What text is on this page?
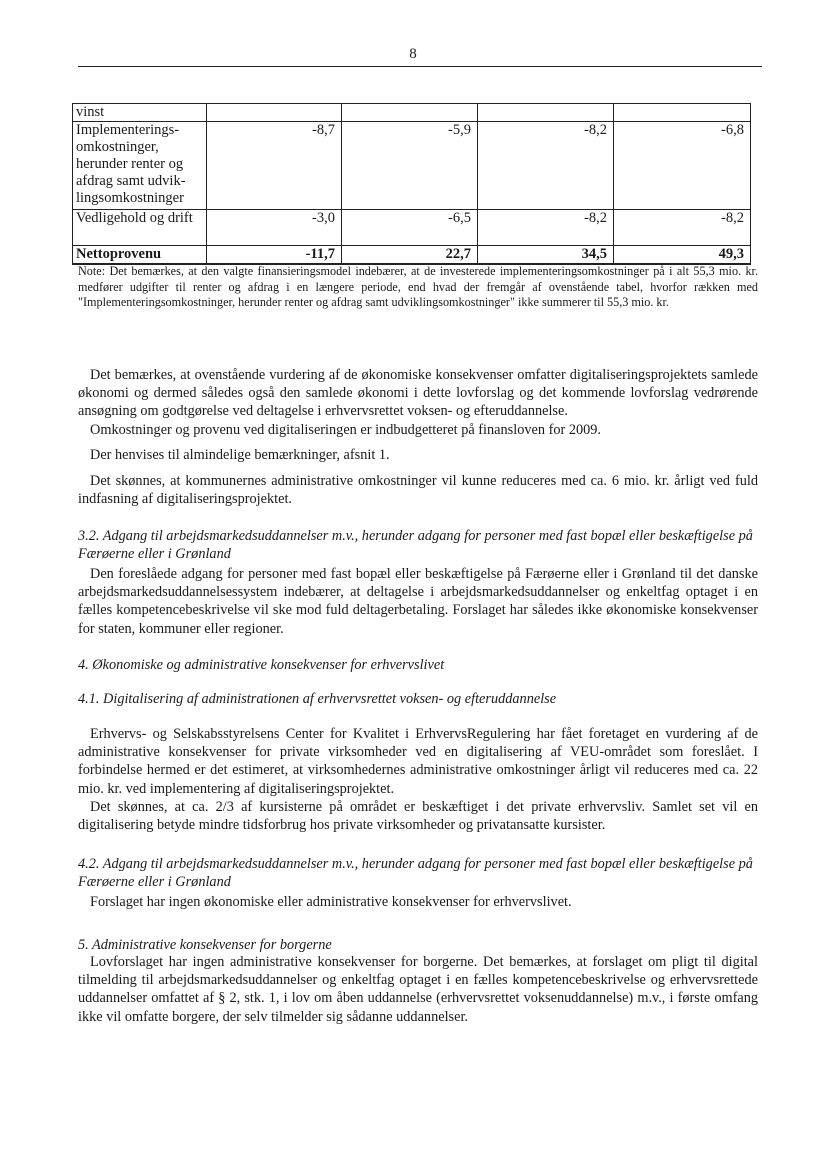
8
vinst				
Implementerings-omkostninger, herunder renter og afdrag samt udvik-lingsomkostninger	-8,7	-5,9	-8,2	-6,8
Vedligehold og drift	-3,0	-6,5	-8,2	-8,2
Nettoprovenu	-11,7	22,7	34,5	49,3
Note: Det bemærkes, at den valgte finansieringsmodel indebærer, at de investerede implementeringsomkostninger på i alt 55,3 mio. kr. medfører udgifter til renter og afdrag i en længere periode, end hvad der fremgår af ovenstående tabel, hvorfor rækken med "Implementeringsomkostninger, herunder renter og afdrag samt udviklingsomkostninger" ikke summerer til 55,3 mio. kr.
Det bemærkes, at ovenstående vurdering af de økonomiske konsekvenser omfatter digitaliseringsprojektets samlede økonomi og dermed således også den samlede økonomi i dette lovforslag og det kommende lovforslag vedrørende ansøgning om godtgørelse ved deltagelse i erhvervsrettet voksen- og efteruddannelse.
Omkostninger og provenu ved digitaliseringen er indbudgetteret på finansloven for 2009.
Der henvises til almindelige bemærkninger, afsnit 1.
Det skønnes, at kommunernes administrative omkostninger vil kunne reduceres med ca. 6 mio. kr. årligt ved fuld indfasning af digitaliseringsprojektet.
3.2. Adgang til arbejdsmarkedsuddannelser m.v., herunder adgang for personer med fast bopæl eller beskæftigelse på Færøerne eller i Grønland
Den foreslåede adgang for personer med fast bopæl eller beskæftigelse på Færøerne eller i Grønland til det danske arbejdsmarkedsuddannelsessystem indebærer, at deltagelse i arbejdsmarkedsuddannelser og enkeltfag optaget i en fælles kompetencebeskrivelse vil ske mod fuld deltagerbetaling. Forslaget har således ikke økonomiske konsekvenser for staten, kommuner eller regioner.
4. Økonomiske og administrative konsekvenser for erhvervslivet
4.1. Digitalisering af administrationen af erhvervsrettet voksen- og efteruddannelse
Erhvervs- og Selskabsstyrelsens Center for Kvalitet i ErhvervsRegulering har fået foretaget en vurdering af de administrative konsekvenser for private virksomheder ved en digitalisering af VEU-området som foreslået. I forbindelse hermed er det estimeret, at virksomhedernes administrative omkostninger årligt vil reduceres med ca. 22 mio. kr. ved implementering af digitaliseringsprojektet.
Det skønnes, at ca. 2/3 af kursisterne på området er beskæftiget i det private erhvervsliv. Samlet set vil en digitalisering betyde mindre tidsforbrug hos private virksomheder og privatansatte kursister.
4.2. Adgang til arbejdsmarkedsuddannelser m.v., herunder adgang for personer med fast bopæl eller beskæftigelse på Færøerne eller i Grønland
Forslaget har ingen økonomiske eller administrative konsekvenser for erhvervslivet.
5. Administrative konsekvenser for borgerne
Lovforslaget har ingen administrative konsekvenser for borgerne. Det bemærkes, at forslaget om pligt til digital tilmelding til arbejdsmarkedsuddannelser og enkeltfag optaget i en fælles kompetencebeskrivelse og erhvervsrettede uddannelser omfattet af § 2, stk. 1, i lov om åben uddannelse (erhvervsrettet voksenuddannelse) m.v., i første omfang ikke vil omfatte borgere, der selv tilmelder sig sådanne uddannelser.
